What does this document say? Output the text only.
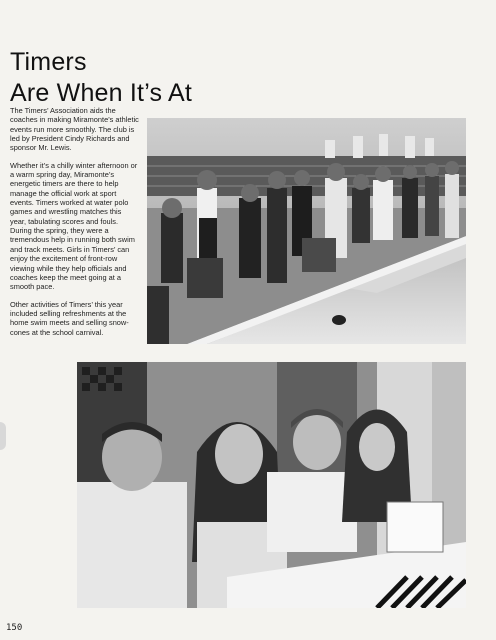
Timers
Are When It’s At

The Timers’ Association aids the coaches in making Miramonte’s athletic events run more smoothly. The club is led by President Cindy Richards and sponsor Mr. Lewis.

Whether it’s a chilly winter afternoon or a warm spring day, Miramonte’s energetic timers are there to help manage the official work at sport events. Timers worked at water polo games and wrestling matches this year, tabulating scores and fouls. During the spring, they were a tremendous help in running both swim and track meets. Girls in Timers’ can enjoy the excitement of front-row viewing while they help officials and coaches keep the meet going at a smooth pace.

Other activities of Timers’ this year included selling refreshments at the home swim meets and selling snow-cones at the school carnival.

150
